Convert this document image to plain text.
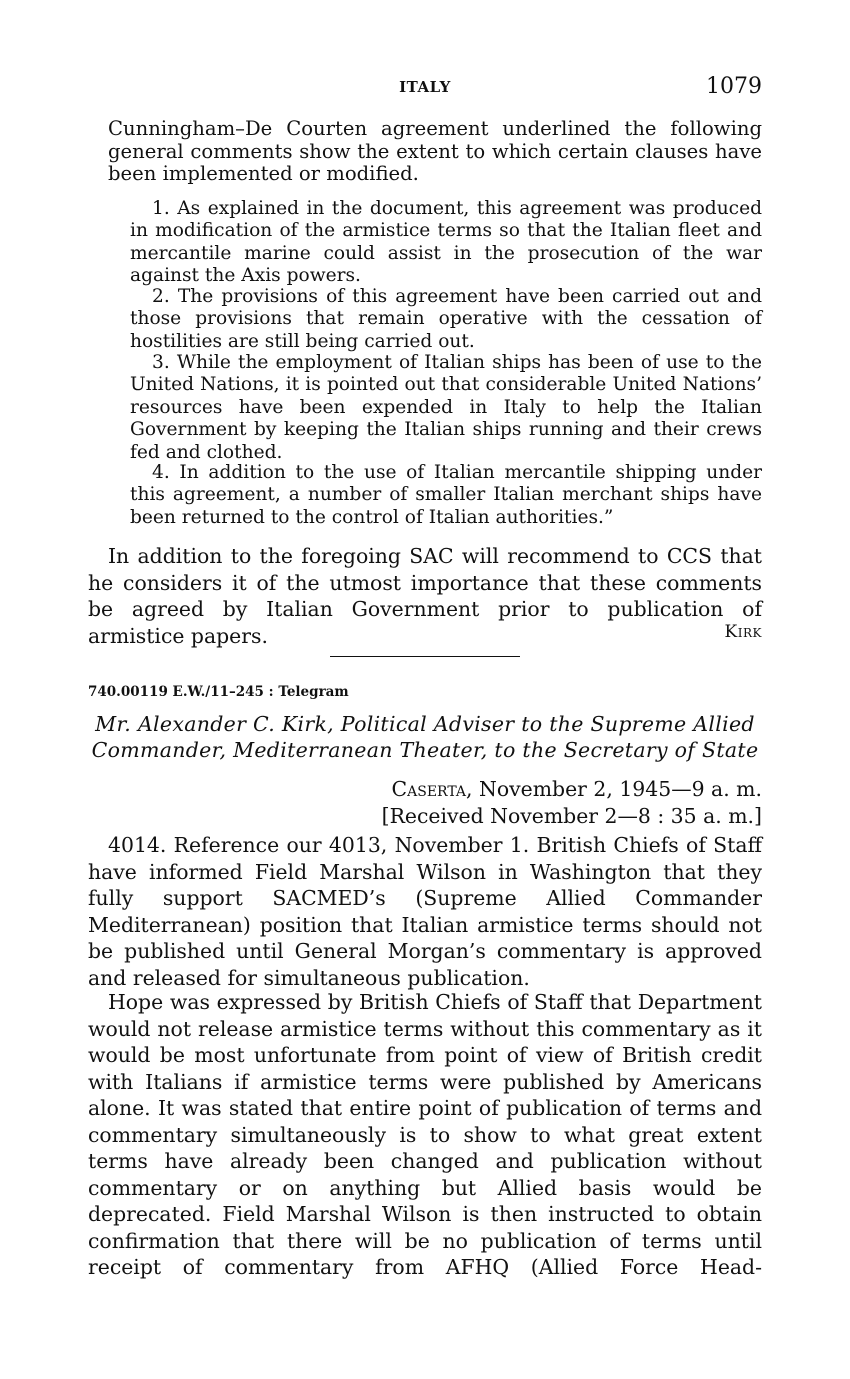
ITALY	1079

Cunningham–De Courten agreement underlined the following general comments show the extent to which certain clauses have been implemented or modified.

1. As explained in the document, this agreement was produced in modification of the armistice terms so that the Italian fleet and mercantile marine could assist in the prosecution of the war against the Axis powers.

2. The provisions of this agreement have been carried out and those provisions that remain operative with the cessation of hostilities are still being carried out.

3. While the employment of Italian ships has been of use to the United Nations, it is pointed out that considerable United Nations’ resources have been expended in Italy to help the Italian Government by keeping the Italian ships running and their crews fed and clothed.

4. In addition to the use of Italian mercantile shipping under this agreement, a number of smaller Italian merchant ships have been returned to the control of Italian authorities.”

In addition to the foregoing SAC will recommend to CCS that he considers it of the utmost importance that these comments be agreed by Italian Government prior to publication of armistice papers.	Kirk
740.00119 E.W./11–245 : Telegram

Mr. Alexander C. Kirk, Political Adviser to the Supreme Allied Commander, Mediterranean Theater, to the Secretary of State

Caserta, November 2, 1945—9 a. m.
[Received November 2—8 : 35 a. m.]

4014. Reference our 4013, November 1. British Chiefs of Staff have informed Field Marshal Wilson in Washington that they fully support SACMED’s (Supreme Allied Commander Mediterranean) position that Italian armistice terms should not be published until General Morgan’s commentary is approved and released for simultaneous publication.

Hope was expressed by British Chiefs of Staff that Department would not release armistice terms without this commentary as it would be most unfortunate from point of view of British credit with Italians if armistice terms were published by Americans alone. It was stated that entire point of publication of terms and commentary simultaneously is to show to what great extent terms have already been changed and publication without commentary or on anything but Allied basis would be deprecated. Field Marshal Wilson is then instructed to obtain confirmation that there will be no publication of terms until receipt of commentary from AFHQ (Allied Force Head-
